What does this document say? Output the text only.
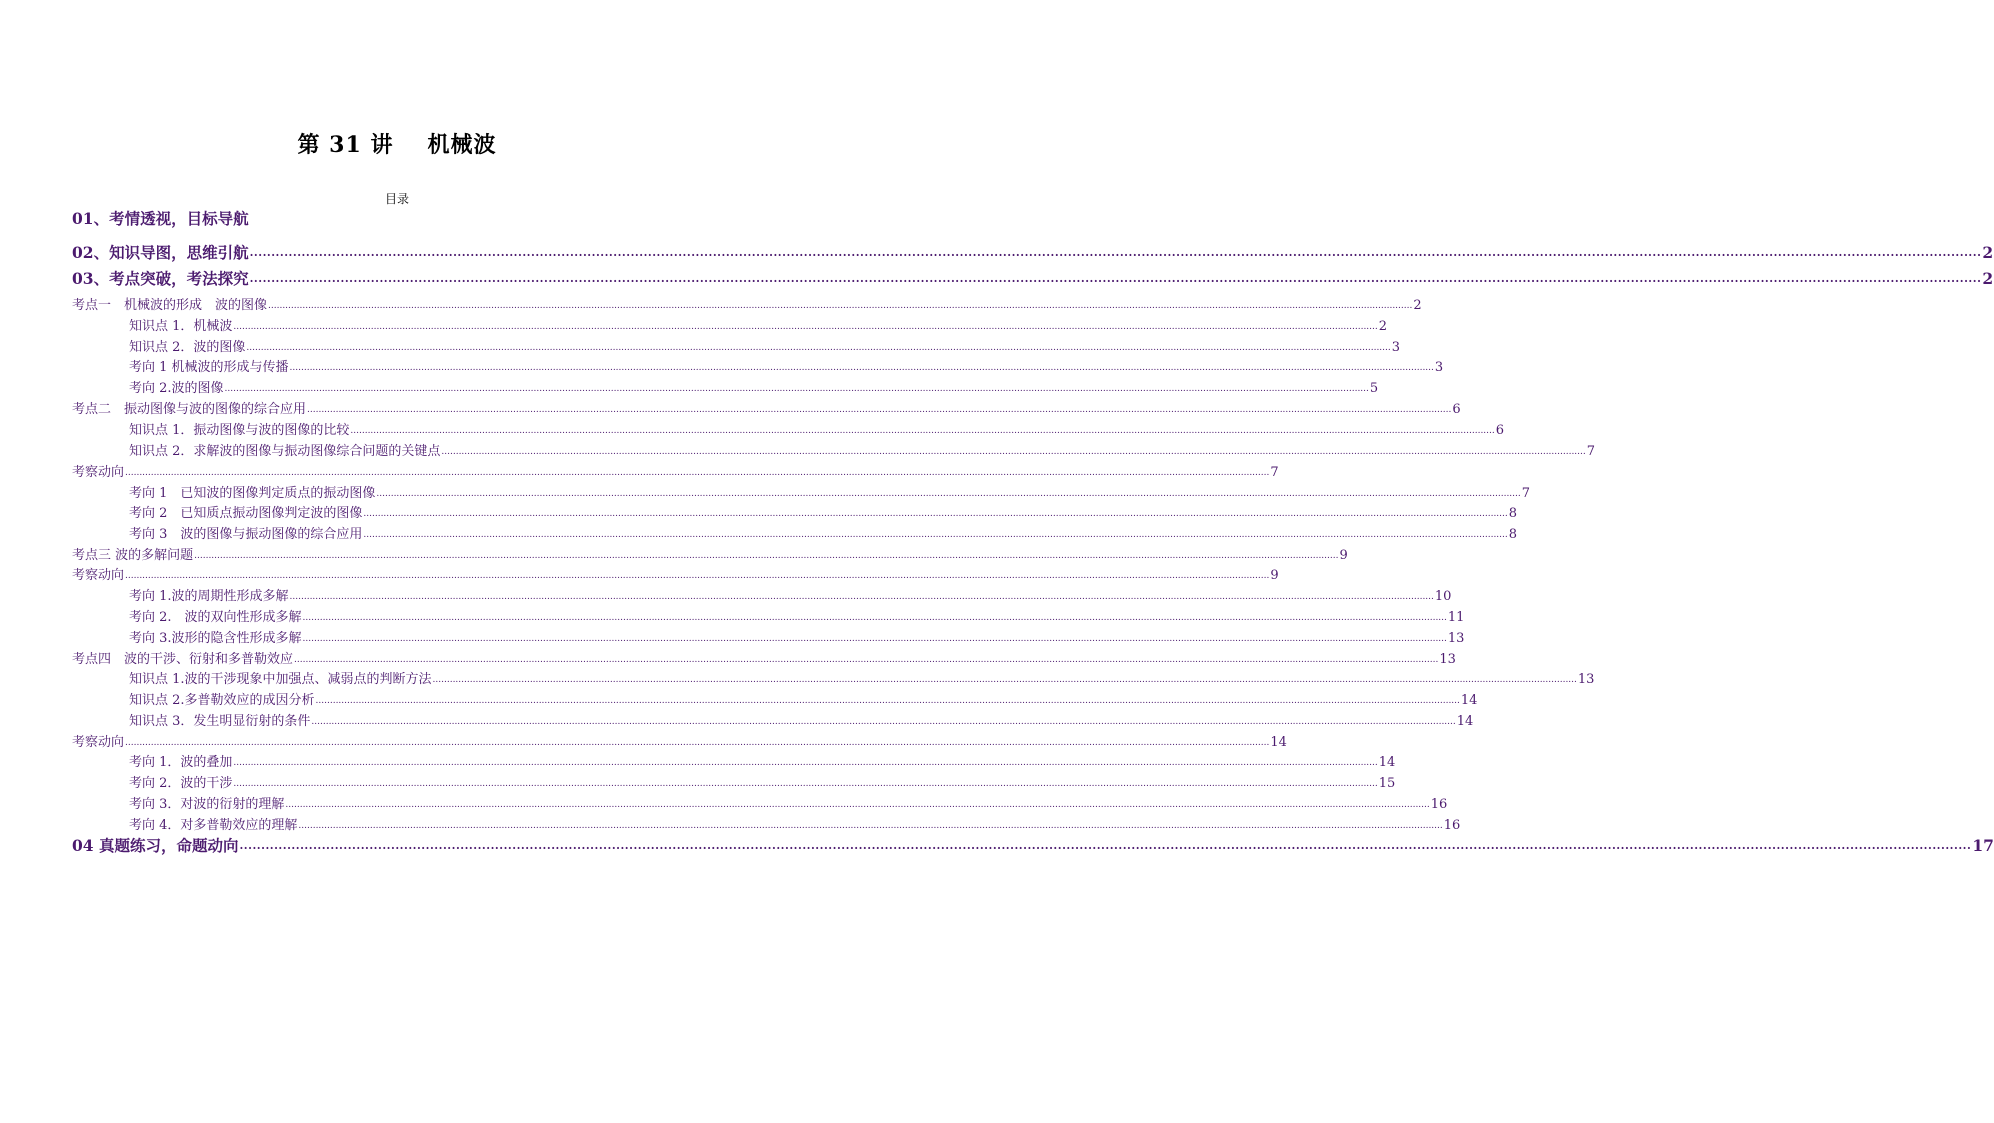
第 31 讲 机械波
目录
01、考情透视，目标导航
02、知识导图，思维引航 ................................................................................................................................................................................................................................................................................................................................................................................................................ 2
03、考点突破，考法探究 ................................................................................................................................................................................................................................................................................................................................................................................................................ 2
考点一　机械波的形成　波的图像 ................................................................................................................................................................................................................................................................................................................................................................................................................ 2
知识点 1．机械波 ................................................................................................................................................................................................................................................................................................................................................................................................................ 2
知识点 2．波的图像 ................................................................................................................................................................................................................................................................................................................................................................................................................ 3
考向 1 机械波的形成与传播 ................................................................................................................................................................................................................................................................................................................................................................................................................ 3
考向 2.波的图像 ................................................................................................................................................................................................................................................................................................................................................................................................................ 5
考点二　振动图像与波的图像的综合应用 ................................................................................................................................................................................................................................................................................................................................................................................................................ 6
知识点 1．振动图像与波的图像的比较 ................................................................................................................................................................................................................................................................................................................................................................................................................ 6
知识点 2．求解波的图像与振动图像综合问题的关键点 ................................................................................................................................................................................................................................................................................................................................................................................................................ 7
考察动向 ................................................................................................................................................................................................................................................................................................................................................................................................................ 7
考向 1　已知波的图像判定质点的振动图像 ................................................................................................................................................................................................................................................................................................................................................................................................................ 7
考向 2　已知质点振动图像判定波的图像 ................................................................................................................................................................................................................................................................................................................................................................................................................ 8
考向 3　波的图像与振动图像的综合应用 ................................................................................................................................................................................................................................................................................................................................................................................................................ 8
考点三 波的多解问题 ................................................................................................................................................................................................................................................................................................................................................................................................................ 9
考察动向 ................................................................................................................................................................................................................................................................................................................................................................................................................ 9
考向 1.波的周期性形成多解 ................................................................................................................................................................................................................................................................................................................................................................................................................ 10
考向 2.　波的双向性形成多解 ................................................................................................................................................................................................................................................................................................................................................................................................................ 11
考向 3.波形的隐含性形成多解 ................................................................................................................................................................................................................................................................................................................................................................................................................ 13
考点四　波的干涉、衍射和多普勒效应 ................................................................................................................................................................................................................................................................................................................................................................................................................ 13
知识点 1.波的干涉现象中加强点、减弱点的判断方法 ................................................................................................................................................................................................................................................................................................................................................................................................................ 13
知识点 2.多普勒效应的成因分析 ................................................................................................................................................................................................................................................................................................................................................................................................................ 14
知识点 3．发生明显衍射的条件 ................................................................................................................................................................................................................................................................................................................................................................................................................ 14
考察动向 ................................................................................................................................................................................................................................................................................................................................................................................................................ 14
考向 1．波的叠加 ................................................................................................................................................................................................................................................................................................................................................................................................................ 14
考向 2．波的干涉 ................................................................................................................................................................................................................................................................................................................................................................................................................ 15
考向 3．对波的衍射的理解 ................................................................................................................................................................................................................................................................................................................................................................................................................ 16
考向 4．对多普勒效应的理解 ................................................................................................................................................................................................................................................................................................................................................................................................................ 16
04 真题练习，命题动向 ................................................................................................................................................................................................................................................................................................................................................................................................................ 17
